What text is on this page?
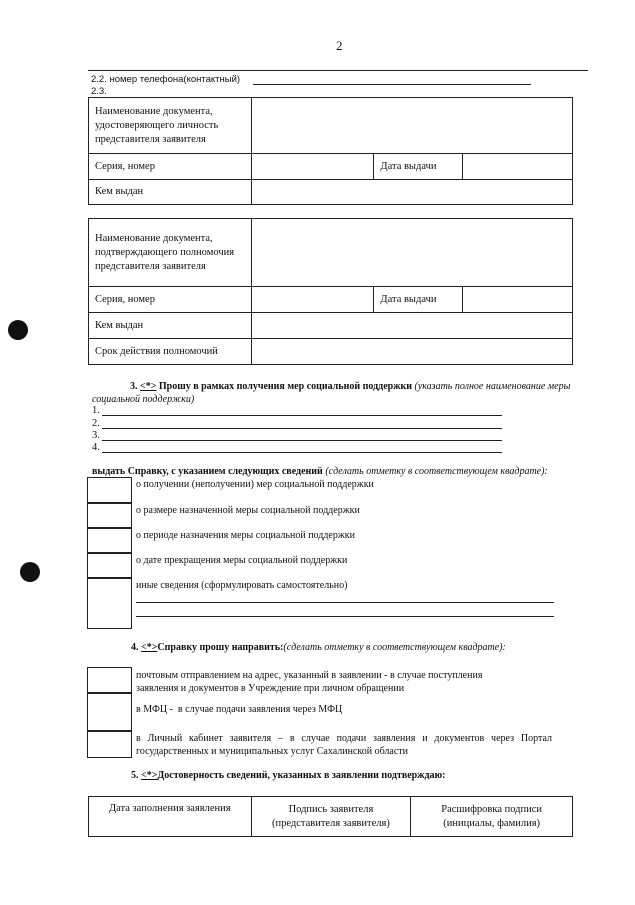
2
2.2. номер телефона(контактный)
2.3.
Наименование документа, удостоверяющего личность представителя заявителя			
Серия, номер		Дата выдачи	
Кем выдан			
Наименование документа, подтверждающего полномочия представителя заявителя			
Серия, номер		Дата выдачи	
Кем выдан			
Срок действия полномочий			
3. <*> Прошу в рамках получения мер социальной поддержки (указать полное наименование меры социальной поддержки)
1.
2.
3.
4.
выдать Справку, с указанием следующих сведений (сделать отметку в соответствующем квадрате):
о получении (неполучении) мер социальной поддержки
о размере назначенной меры социальной поддержки
о периоде назначения меры социальной поддержки
о дате прекращения меры социальной поддержки
иные сведения (сформулировать самостоятельно)
4. <*>Справку прошу направить:(сделать отметку в соответствующем квадрате):
почтовым отправлением на адрес, указанный в заявлении - в случае поступления заявления и документов в Учреждение при личном обращении
в МФЦ -  в случае подачи заявления через МФЦ
в Личный кабинет заявителя – в случае подачи заявления и документов через Портал государственных и муниципальных услуг Сахалинской области
5. <*>Достоверность сведений, указанных в заявлении подтверждаю:
Дата заполнения заявления	Подпись заявителя (представителя заявителя)	Расшифровка подписи (инициалы, фамилия)
